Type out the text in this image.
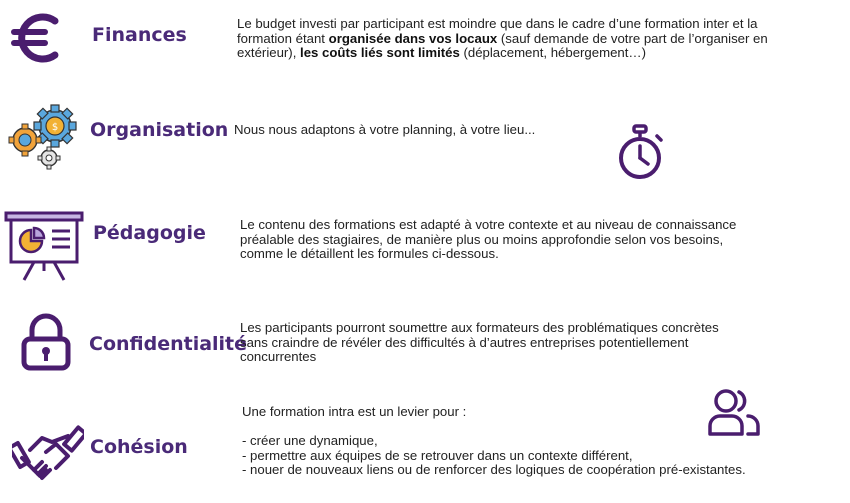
Finances
Le budget investi par participant est moindre que dans le cadre d’une formation inter et la
formation étant organisée dans vos locaux (sauf demande de votre part de l’organiser en
extérieur), les coûts liés sont limités (déplacement, hébergement…)
$ Organisation Nous nous adaptons à votre planning, à votre lieu...
Pédagogie	Le contenu des formations est adapté à votre contexte et au niveau de connaissance
préalable des stagiaires, de manière plus ou moins approfondie selon vos besoins,
comme le détaillent les formules ci-dessous.
Confidentialité
Les participants pourront soumettre aux formateurs des problématiques concrètes
sans craindre de révéler des difficultés à d’autres entreprises potentiellement
concurrentes
Cohésion
Une formation intra est un levier pour :
- créer une dynamique,
- permettre aux équipes de se retrouver dans un contexte différent,
- nouer de nouveaux liens ou de renforcer des logiques de coopération pré-existantes.
